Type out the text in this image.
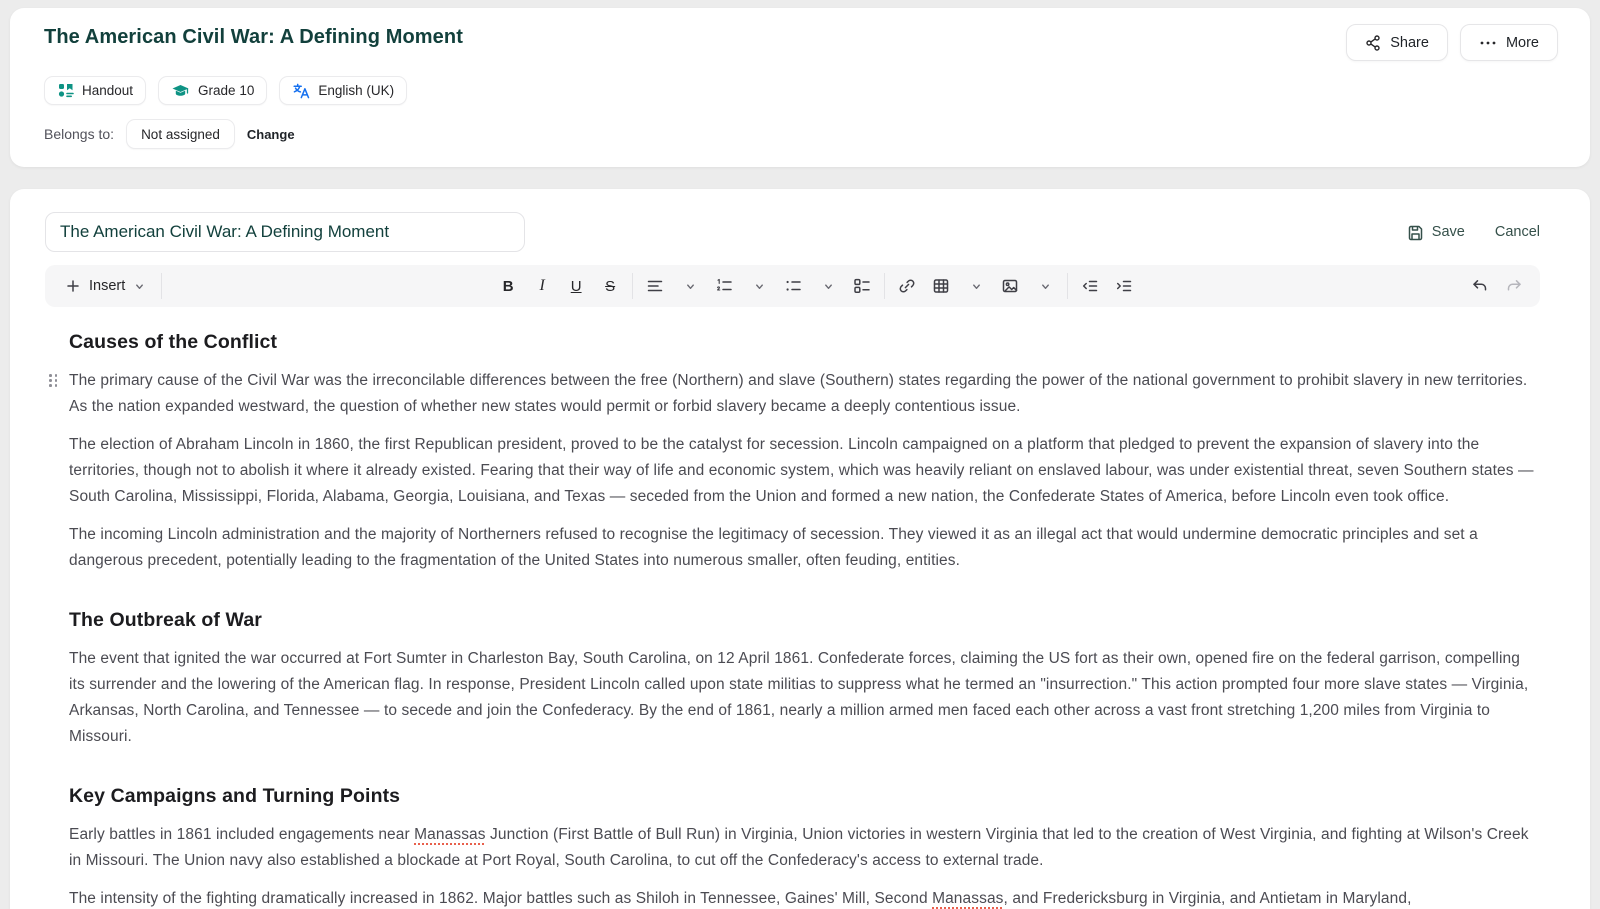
The American Civil War: A Defining Moment	Share	More
Handout	Grade 10	English (UK)
Belongs to:	Not assigned	Change
The American Civil War: A Defining Moment
Save Cancel
Insert	B I U S
Causes of the Conflict

The primary cause of the Civil War was the irreconcilable differences between the free (Northern) and slave (Southern) states regarding the power of the national government to prohibit slavery in new territories. As the nation expanded westward, the question of whether new states would permit or forbid slavery became a deeply contentious issue.

The election of Abraham Lincoln in 1860, the first Republican president, proved to be the catalyst for secession. Lincoln campaigned on a platform that pledged to prevent the expansion of slavery into the territories, though not to abolish it where it already existed. Fearing that their way of life and economic system, which was heavily reliant on enslaved labour, was under existential threat, seven Southern states — South Carolina, Mississippi, Florida, Alabama, Georgia, Louisiana, and Texas — seceded from the Union and formed a new nation, the Confederate States of America, before Lincoln even took office.

The incoming Lincoln administration and the majority of Northerners refused to recognise the legitimacy of secession. They viewed it as an illegal act that would undermine democratic principles and set a dangerous precedent, potentially leading to the fragmentation of the United States into numerous smaller, often feuding, entities.

The Outbreak of War

The event that ignited the war occurred at Fort Sumter in Charleston Bay, South Carolina, on 12 April 1861. Confederate forces, claiming the US fort as their own, opened fire on the federal garrison, compelling its surrender and the lowering of the American flag. In response, President Lincoln called upon state militias to suppress what he termed an "insurrection." This action prompted four more slave states — Virginia, Arkansas, North Carolina, and Tennessee — to secede and join the Confederacy. By the end of 1861, nearly a million armed men faced each other across a vast front stretching 1,200 miles from Virginia to Missouri.

Key Campaigns and Turning Points

Early battles in 1861 included engagements near Manassas Junction (First Battle of Bull Run) in Virginia, Union victories in western Virginia that led to the creation of West Virginia, and fighting at Wilson's Creek in Missouri. The Union navy also established a blockade at Port Royal, South Carolina, to cut off the Confederacy's access to external trade.

The intensity of the fighting dramatically increased in 1862. Major battles such as Shiloh in Tennessee, Gaines' Mill, Second Manassas, and Fredericksburg in Virginia, and Antietam in Maryland,
